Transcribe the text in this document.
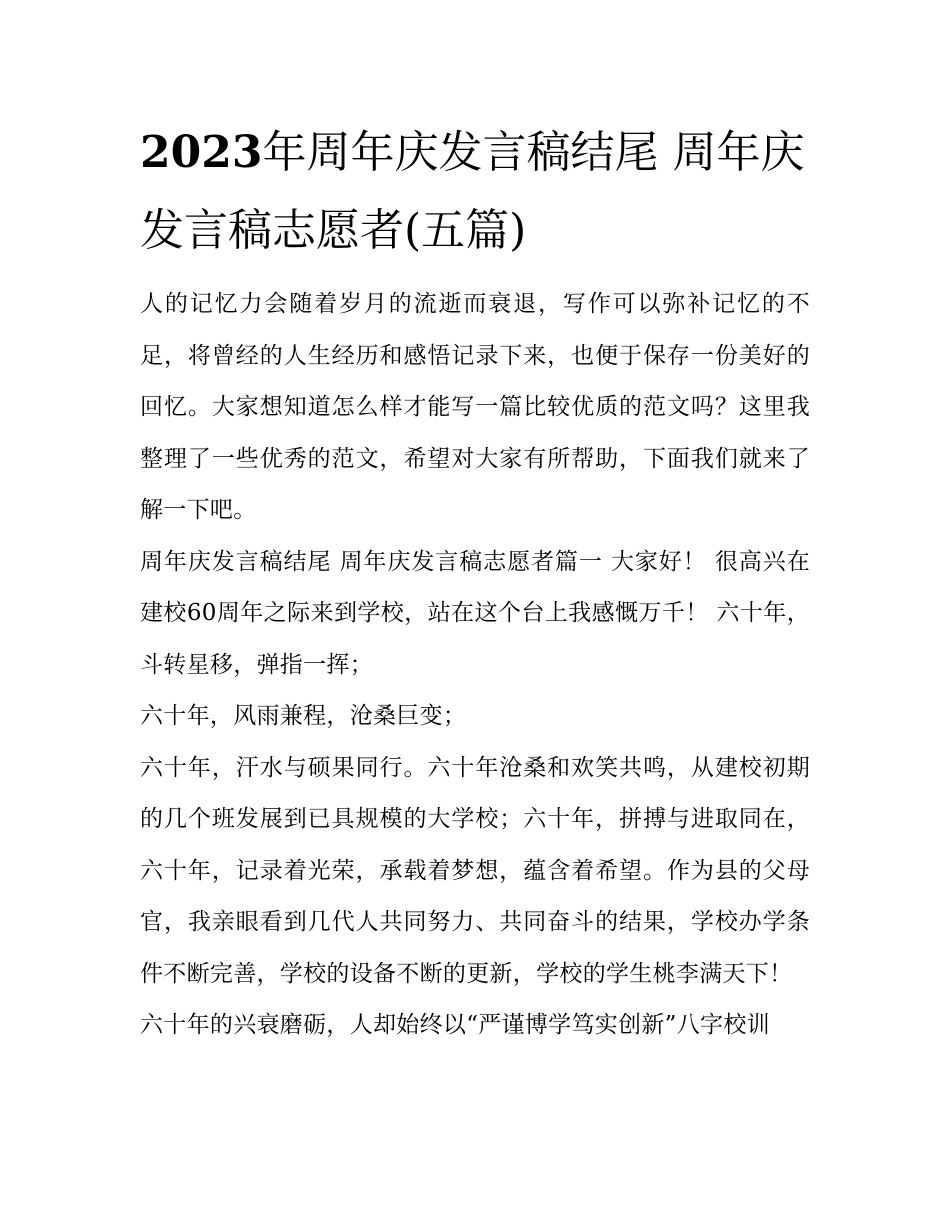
2023年周年庆发言稿结尾 周年庆发言稿志愿者(五篇)

人的记忆力会随着岁月的流逝而衰退，写作可以弥补记忆的不足，将曾经的人生经历和感悟记录下来，也便于保存一份美好的回忆。大家想知道怎么样才能写一篇比较优质的范文吗？这里我整理了一些优秀的范文，希望对大家有所帮助，下面我们就来了解一下吧。

周年庆发言稿结尾 周年庆发言稿志愿者篇一 大家好！ 很高兴在建校60周年之际来到学校，站在这个台上我感慨万千！ 六十年，斗转星移，弹指一挥；

六十年，风雨兼程，沧桑巨变；

六十年，汗水与硕果同行。六十年沧桑和欢笑共鸣，从建校初期的几个班发展到已具规模的大学校；六十年，拼搏与进取同在，六十年，记录着光荣，承载着梦想，蕴含着希望。作为县的父母官，我亲眼看到几代人共同努力、共同奋斗的结果，学校办学条件不断完善，学校的设备不断的更新，学校的学生桃李满天下！

六十年的兴衰磨砺，人却始终以“严谨博学笃实创新”八字校训
